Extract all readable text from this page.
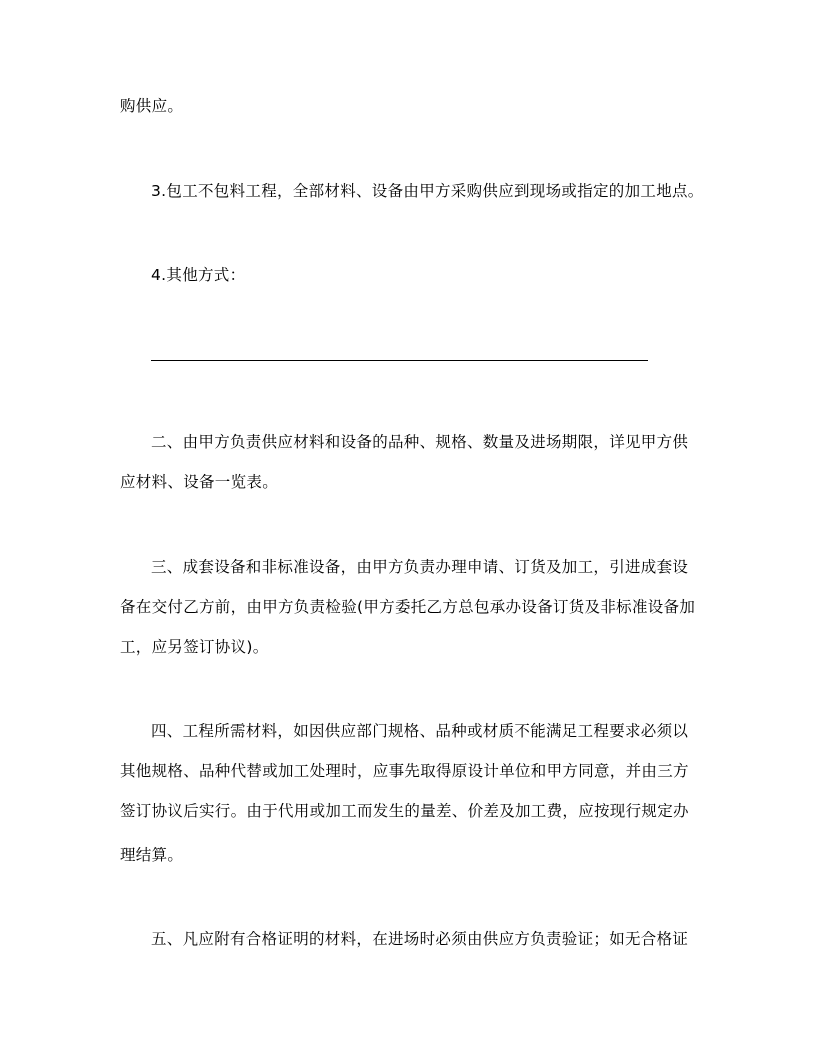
购供应。
3.包工不包料工程，全部材料、设备由甲方采购供应到现场或指定的加工地点。
4.其他方式：
二、由甲方负责供应材料和设备的品种、规格、数量及进场期限，详见甲方供
应材料、设备一览表。
三、成套设备和非标准设备，由甲方负责办理申请、订货及加工，引进成套设
备在交付乙方前，由甲方负责检验(甲方委托乙方总包承办设备订货及非标准设备加
工，应另签订协议)。
四、工程所需材料，如因供应部门规格、品种或材质不能满足工程要求必须以
其他规格、品种代替或加工处理时，应事先取得原设计单位和甲方同意，并由三方
签订协议后实行。由于代用或加工而发生的量差、价差及加工费，应按现行规定办
理结算。
五、凡应附有合格证明的材料，在进场时必须由供应方负责验证；如无合格证
